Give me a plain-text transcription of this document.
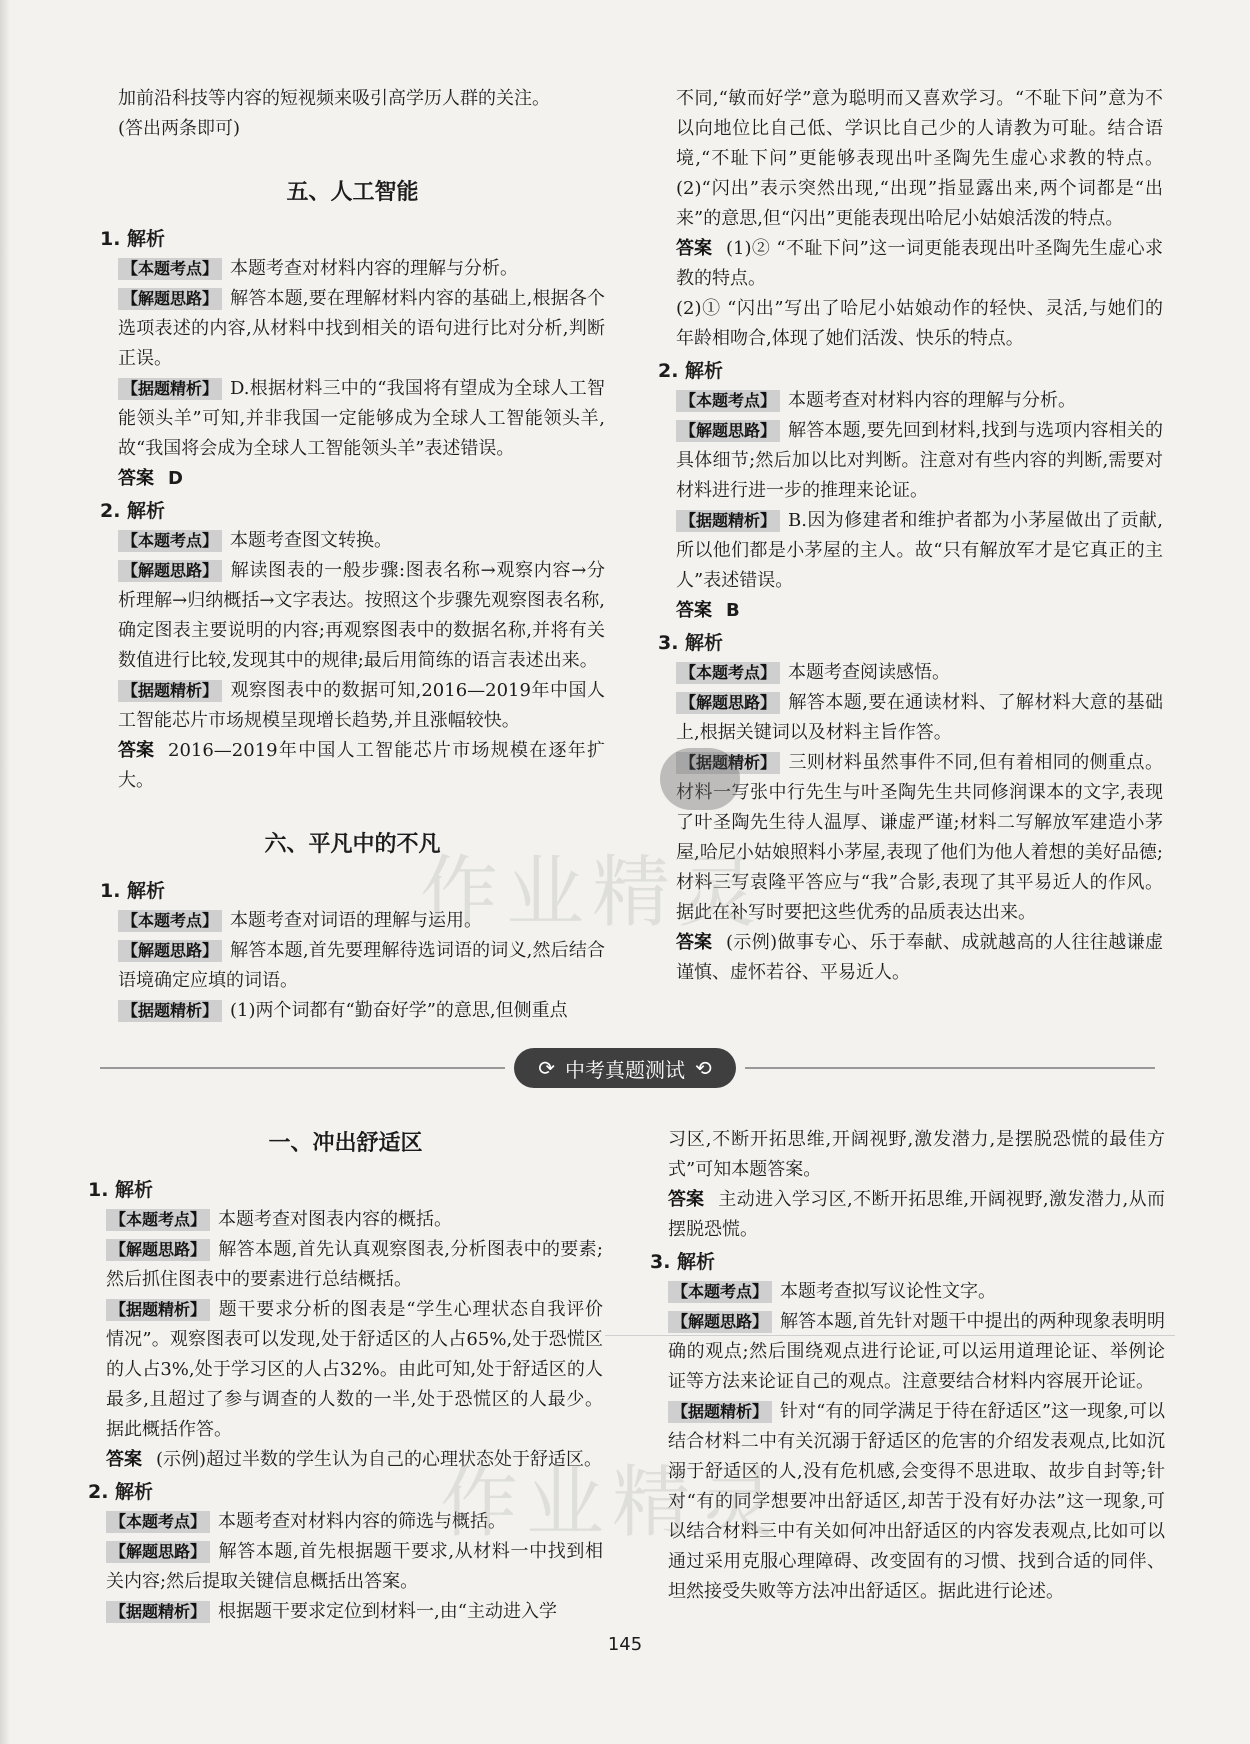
加前沿科技等内容的短视频来吸引高学历人群的关注。

(答出两条即可)

五、人工智能
1. 解析

【本题考点】 本题考查对材料内容的理解与分析。

【解题思路】 解答本题,要在理解材料内容的基础上,根据各个选项表述的内容,从材料中找到相关的语句进行比对分析,判断正误。

【据题精析】 D.根据材料三中的“我国将有望成为全球人工智能领头羊”可知,并非我国一定能够成为全球人工智能领头羊,故“我国将会成为全球人工智能领头羊”表述错误。

答案 D

2. 解析

【本题考点】 本题考查图文转换。

【解题思路】 解读图表的一般步骤:图表名称→观察内容→分析理解→归纳概括→文字表达。按照这个步骤先观察图表名称,确定图表主要说明的内容;再观察图表中的数据名称,并将有关数值进行比较,发现其中的规律;最后用简练的语言表述出来。

【据题精析】 观察图表中的数据可知,2016—2019年中国人工智能芯片市场规模呈现增长趋势,并且涨幅较快。

答案 2016—2019年中国人工智能芯片市场规模在逐年扩大。

六、平凡中的不凡
1. 解析

【本题考点】 本题考查对词语的理解与运用。

【解题思路】 解答本题,首先要理解待选词语的词义,然后结合语境确定应填的词语。

【据题精析】 (1)两个词都有“勤奋好学”的意思,但侧重点

不同,“敏而好学”意为聪明而又喜欢学习。“不耻下问”意为不以向地位比自己低、学识比自己少的人请教为可耻。结合语境,“不耻下问”更能够表现出叶圣陶先生虚心求教的特点。(2)“闪出”表示突然出现,“出现”指显露出来,两个词都是“出来”的意思,但“闪出”更能表现出哈尼小姑娘活泼的特点。

答案 (1)② “不耻下问”这一词更能表现出叶圣陶先生虚心求教的特点。

(2)① “闪出”写出了哈尼小姑娘动作的轻快、灵活,与她们的年龄相吻合,体现了她们活泼、快乐的特点。

2. 解析

【本题考点】 本题考查对材料内容的理解与分析。

【解题思路】 解答本题,要先回到材料,找到与选项内容相关的具体细节;然后加以比对判断。注意对有些内容的判断,需要对材料进行进一步的推理来论证。

【据题精析】 B.因为修建者和维护者都为小茅屋做出了贡献,所以他们都是小茅屋的主人。故“只有解放军才是它真正的主人”表述错误。

答案 B

3. 解析

【本题考点】 本题考查阅读感悟。

【解题思路】 解答本题,要在通读材料、了解材料大意的基础上,根据关键词以及材料主旨作答。

【据题精析】 三则材料虽然事件不同,但有着相同的侧重点。材料一写张中行先生与叶圣陶先生共同修润课本的文字,表现了叶圣陶先生待人温厚、谦虚严谨;材料二写解放军建造小茅屋,哈尼小姑娘照料小茅屋,表现了他们为他人着想的美好品德;材料三写袁隆平答应与“我”合影,表现了其平易近人的作风。据此在补写时要把这些优秀的品质表达出来。

答案 (示例)做事专心、乐于奉献、成就越高的人往往越谦虚谨慎、虚怀若谷、平易近人。

⟳ 中考真题测试 ⟲
一、冲出舒适区
1. 解析

【本题考点】 本题考查对图表内容的概括。

【解题思路】 解答本题,首先认真观察图表,分析图表中的要素;然后抓住图表中的要素进行总结概括。

【据题精析】 题干要求分析的图表是“学生心理状态自我评价情况”。观察图表可以发现,处于舒适区的人占65%,处于恐慌区的人占3%,处于学习区的人占32%。由此可知,处于舒适区的人最多,且超过了参与调查的人数的一半,处于恐慌区的人最少。据此概括作答。

答案 (示例)超过半数的学生认为自己的心理状态处于舒适区。

2. 解析

【本题考点】 本题考查对材料内容的筛选与概括。

【解题思路】 解答本题,首先根据题干要求,从材料一中找到相关内容;然后提取关键信息概括出答案。

【据题精析】 根据题干要求定位到材料一,由“主动进入学

习区,不断开拓思维,开阔视野,激发潜力,是摆脱恐慌的最佳方式”可知本题答案。

答案 主动进入学习区,不断开拓思维,开阔视野,激发潜力,从而摆脱恐慌。

3. 解析

【本题考点】 本题考查拟写议论性文字。

【解题思路】 解答本题,首先针对题干中提出的两种现象表明明确的观点;然后围绕观点进行论证,可以运用道理论证、举例论证等方法来论证自己的观点。注意要结合材料内容展开论证。

【据题精析】 针对“有的同学满足于待在舒适区”这一现象,可以结合材料二中有关沉溺于舒适区的危害的介绍发表观点,比如沉溺于舒适区的人,没有危机感,会变得不思进取、故步自封等;针对“有的同学想要冲出舒适区,却苦于没有好办法”这一现象,可以结合材料三中有关如何冲出舒适区的内容发表观点,比如可以通过采用克服心理障碍、改变固有的习惯、找到合适的同伴、坦然接受失败等方法冲出舒适区。据此进行论述。

作业精灵
作业精灵
145
